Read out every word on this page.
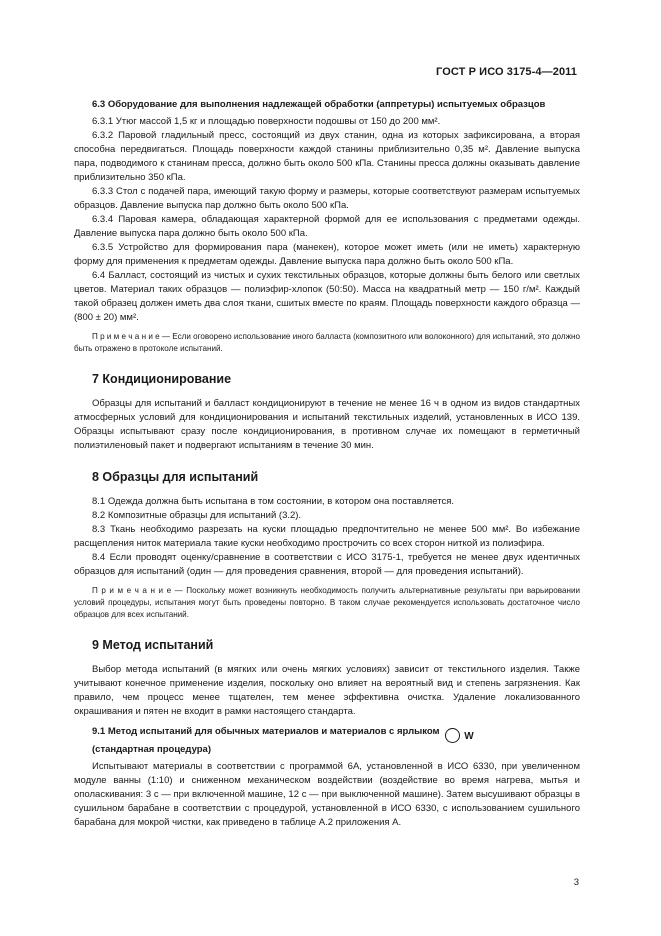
ГОСТ Р ИСО 3175-4—2011

6.3 Оборудование для выполнения надлежащей обработки (аппретуры) испытуемых образцов

6.3.1 Утюг массой 1,5 кг и площадью поверхности подошвы от 150 до 200 мм².

6.3.2 Паровой гладильный пресс, состоящий из двух станин, одна из которых зафиксирована, а вторая способна передвигаться. Площадь поверхности каждой станины приблизительно 0,35 м². Давление выпуска пара, подводимого к станинам пресса, должно быть около 500 кПа. Станины пресса должны оказывать давление приблизительно 350 кПа.

6.3.3 Стол с подачей пара, имеющий такую форму и размеры, которые соответствуют размерам испытуемых образцов. Давление выпуска пар должно быть около 500 кПа.

6.3.4 Паровая камера, обладающая характерной формой для ее использования с предметами одежды. Давление выпуска пара должно быть около 500 кПа.

6.3.5 Устройство для формирования пара (манекен), которое может иметь (или не иметь) характерную форму для применения к предметам одежды. Давление выпуска пара должно быть около 500 кПа.

6.4 Балласт, состоящий из чистых и сухих текстильных образцов, которые должны быть белого или светлых цветов. Материал таких образцов — полиэфир-хлопок (50:50). Масса на квадратный метр — 150 г/м². Каждый такой образец должен иметь два слоя ткани, сшитых вместе по краям. Площадь поверхности каждого образца — (800 ± 20) мм².

П р и м е ч а н и е — Если оговорено использование иного балласта (композитного или волоконного) для испытаний, это должно быть отражено в протоколе испытаний.

7 Кондиционирование

Образцы для испытаний и балласт кондиционируют в течение не менее 16 ч в одном из видов стандартных атмосферных условий для кондиционирования и испытаний текстильных изделий, установленных в ИСО 139. Образцы испытывают сразу после кондиционирования, в противном случае их помещают в герметичный полиэтиленовый пакет и подвергают испытаниям в течение 30 мин.

8 Образцы для испытаний

8.1 Одежда должна быть испытана в том состоянии, в котором она поставляется.

8.2 Композитные образцы для испытаний (3.2).

8.3 Ткань необходимо разрезать на куски площадью предпочтительно не менее 500 мм². Во избежание расщепления ниток материала такие куски необходимо прострочить со всех сторон ниткой из полиэфира.

8.4 Если проводят оценку/сравнение в соответствии с ИСО 3175-1, требуется не менее двух идентичных образцов для испытаний (один — для проведения сравнения, второй — для проведения испытаний).

П р и м е ч а н и е — Поскольку может возникнуть необходимость получить альтернативные результаты при варьировании условий процедуры, испытания могут быть проведены повторно. В таком случае рекомендуется использовать достаточное число образцов для всех испытаний.

9 Метод испытаний

Выбор метода испытаний (в мягких или очень мягких условиях) зависит от текстильного изделия. Также учитывают конечное применение изделия, поскольку оно влияет на вероятный вид и степень загрязнения. Как правило, чем процесс менее тщателен, тем менее эффективна очистка. Удаление локализованного окрашивания и пятен не входит в рамки настоящего стандарта.

9.1 Метод испытаний для обычных материалов и материалов с ярлыком W

(стандартная процедура)

Испытывают материалы в соответствии с программой 6А, установленной в ИСО 6330, при увеличенном модуле ванны (1:10) и сниженном механическом воздействии (воздействие во время нагрева, мытья и ополаскивания: 3 с — при включенной машине, 12 с — при выключенной машине). Затем высушивают образцы в сушильном барабане в соответствии с процедурой, установленной в ИСО 6330, с использованием сушильного барабана для мокрой чистки, как приведено в таблице А.2 приложения А.

3
